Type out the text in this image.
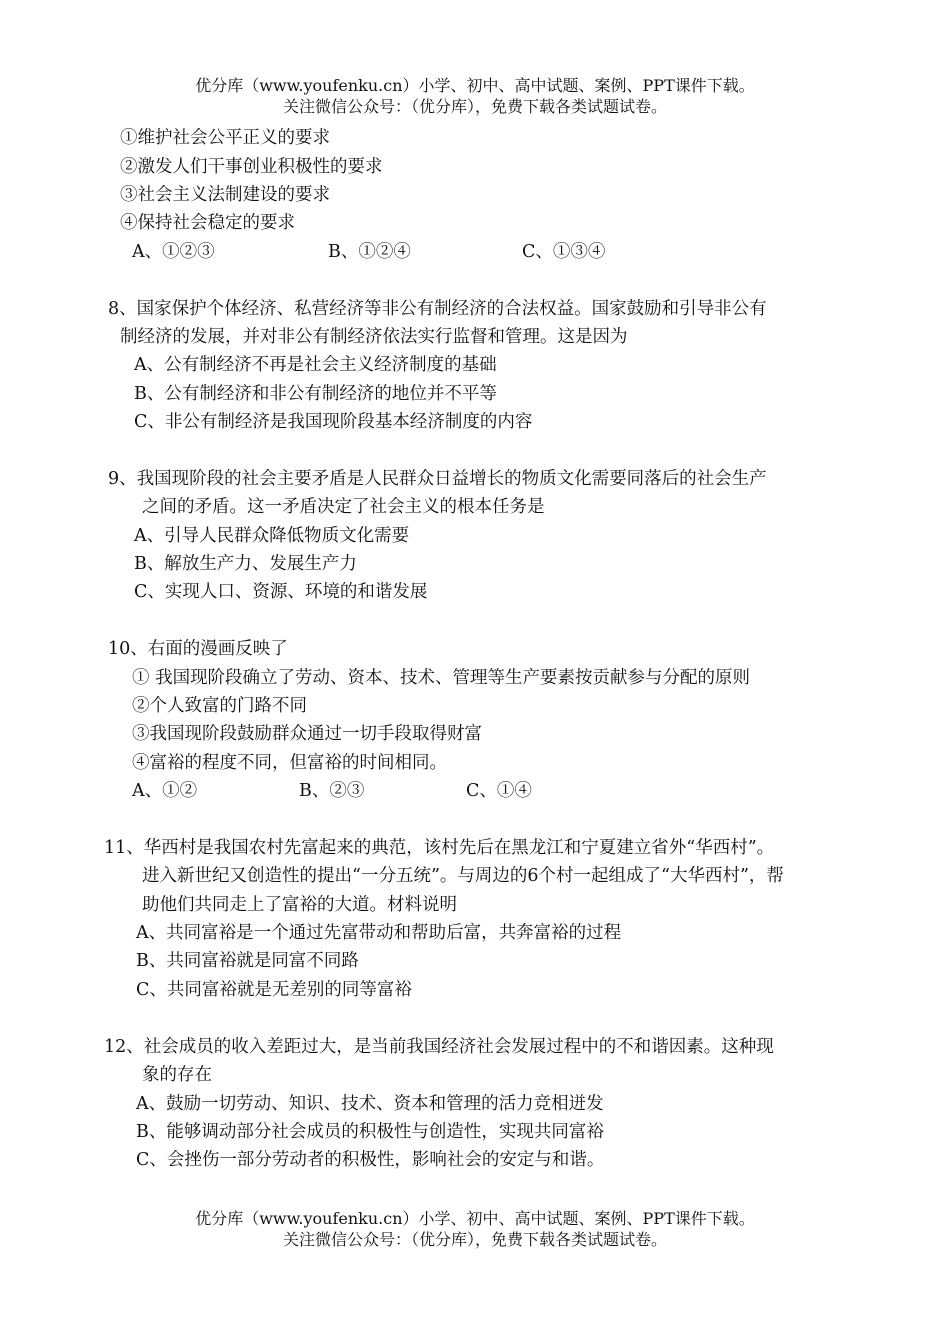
优分库（www.youfenku.cn）小学、初中、高中试题、案例、PPT课件下载。
关注微信公众号：（优分库），免费下载各类试题试卷。
①维护社会公平正义的要求
②激发人们干事创业积极性的要求
③社会主义法制建设的要求
④保持社会稳定的要求
A、①②③	B、①②④	C、①③④
8、国家保护个体经济、私营经济等非公有制经济的合法权益。国家鼓励和引导非公有
制经济的发展，并对非公有制经济依法实行监督和管理。这是因为
A、公有制经济不再是社会主义经济制度的基础
B、公有制经济和非公有制经济的地位并不平等
C、非公有制经济是我国现阶段基本经济制度的内容
9、我国现阶段的社会主要矛盾是人民群众日益增长的物质文化需要同落后的社会生产
之间的矛盾。这一矛盾决定了社会主义的根本任务是
A、引导人民群众降低物质文化需要
B、解放生产力、发展生产力
C、实现人口、资源、环境的和谐发展
10、右面的漫画反映了
① 我国现阶段确立了劳动、资本、技术、管理等生产要素按贡献参与分配的原则
②个人致富的门路不同
③我国现阶段鼓励群众通过一切手段取得财富
④富裕的程度不同，但富裕的时间相同。
A、①②	B、②③	C、①④
11、华西村是我国农村先富起来的典范，该村先后在黑龙江和宁夏建立省外“华西村”。
进入新世纪又创造性的提出“一分五统”。与周边的6个村一起组成了“大华西村”，帮
助他们共同走上了富裕的大道。材料说明
A、共同富裕是一个通过先富带动和帮助后富，共奔富裕的过程
B、共同富裕就是同富不同路
C、共同富裕就是无差别的同等富裕
12、社会成员的收入差距过大，是当前我国经济社会发展过程中的不和谐因素。这种现
象的存在
A、鼓励一切劳动、知识、技术、资本和管理的活力竞相迸发
B、能够调动部分社会成员的积极性与创造性，实现共同富裕
C、会挫伤一部分劳动者的积极性，影响社会的安定与和谐。
优分库（www.youfenku.cn）小学、初中、高中试题、案例、PPT课件下载。
关注微信公众号：（优分库），免费下载各类试题试卷。
